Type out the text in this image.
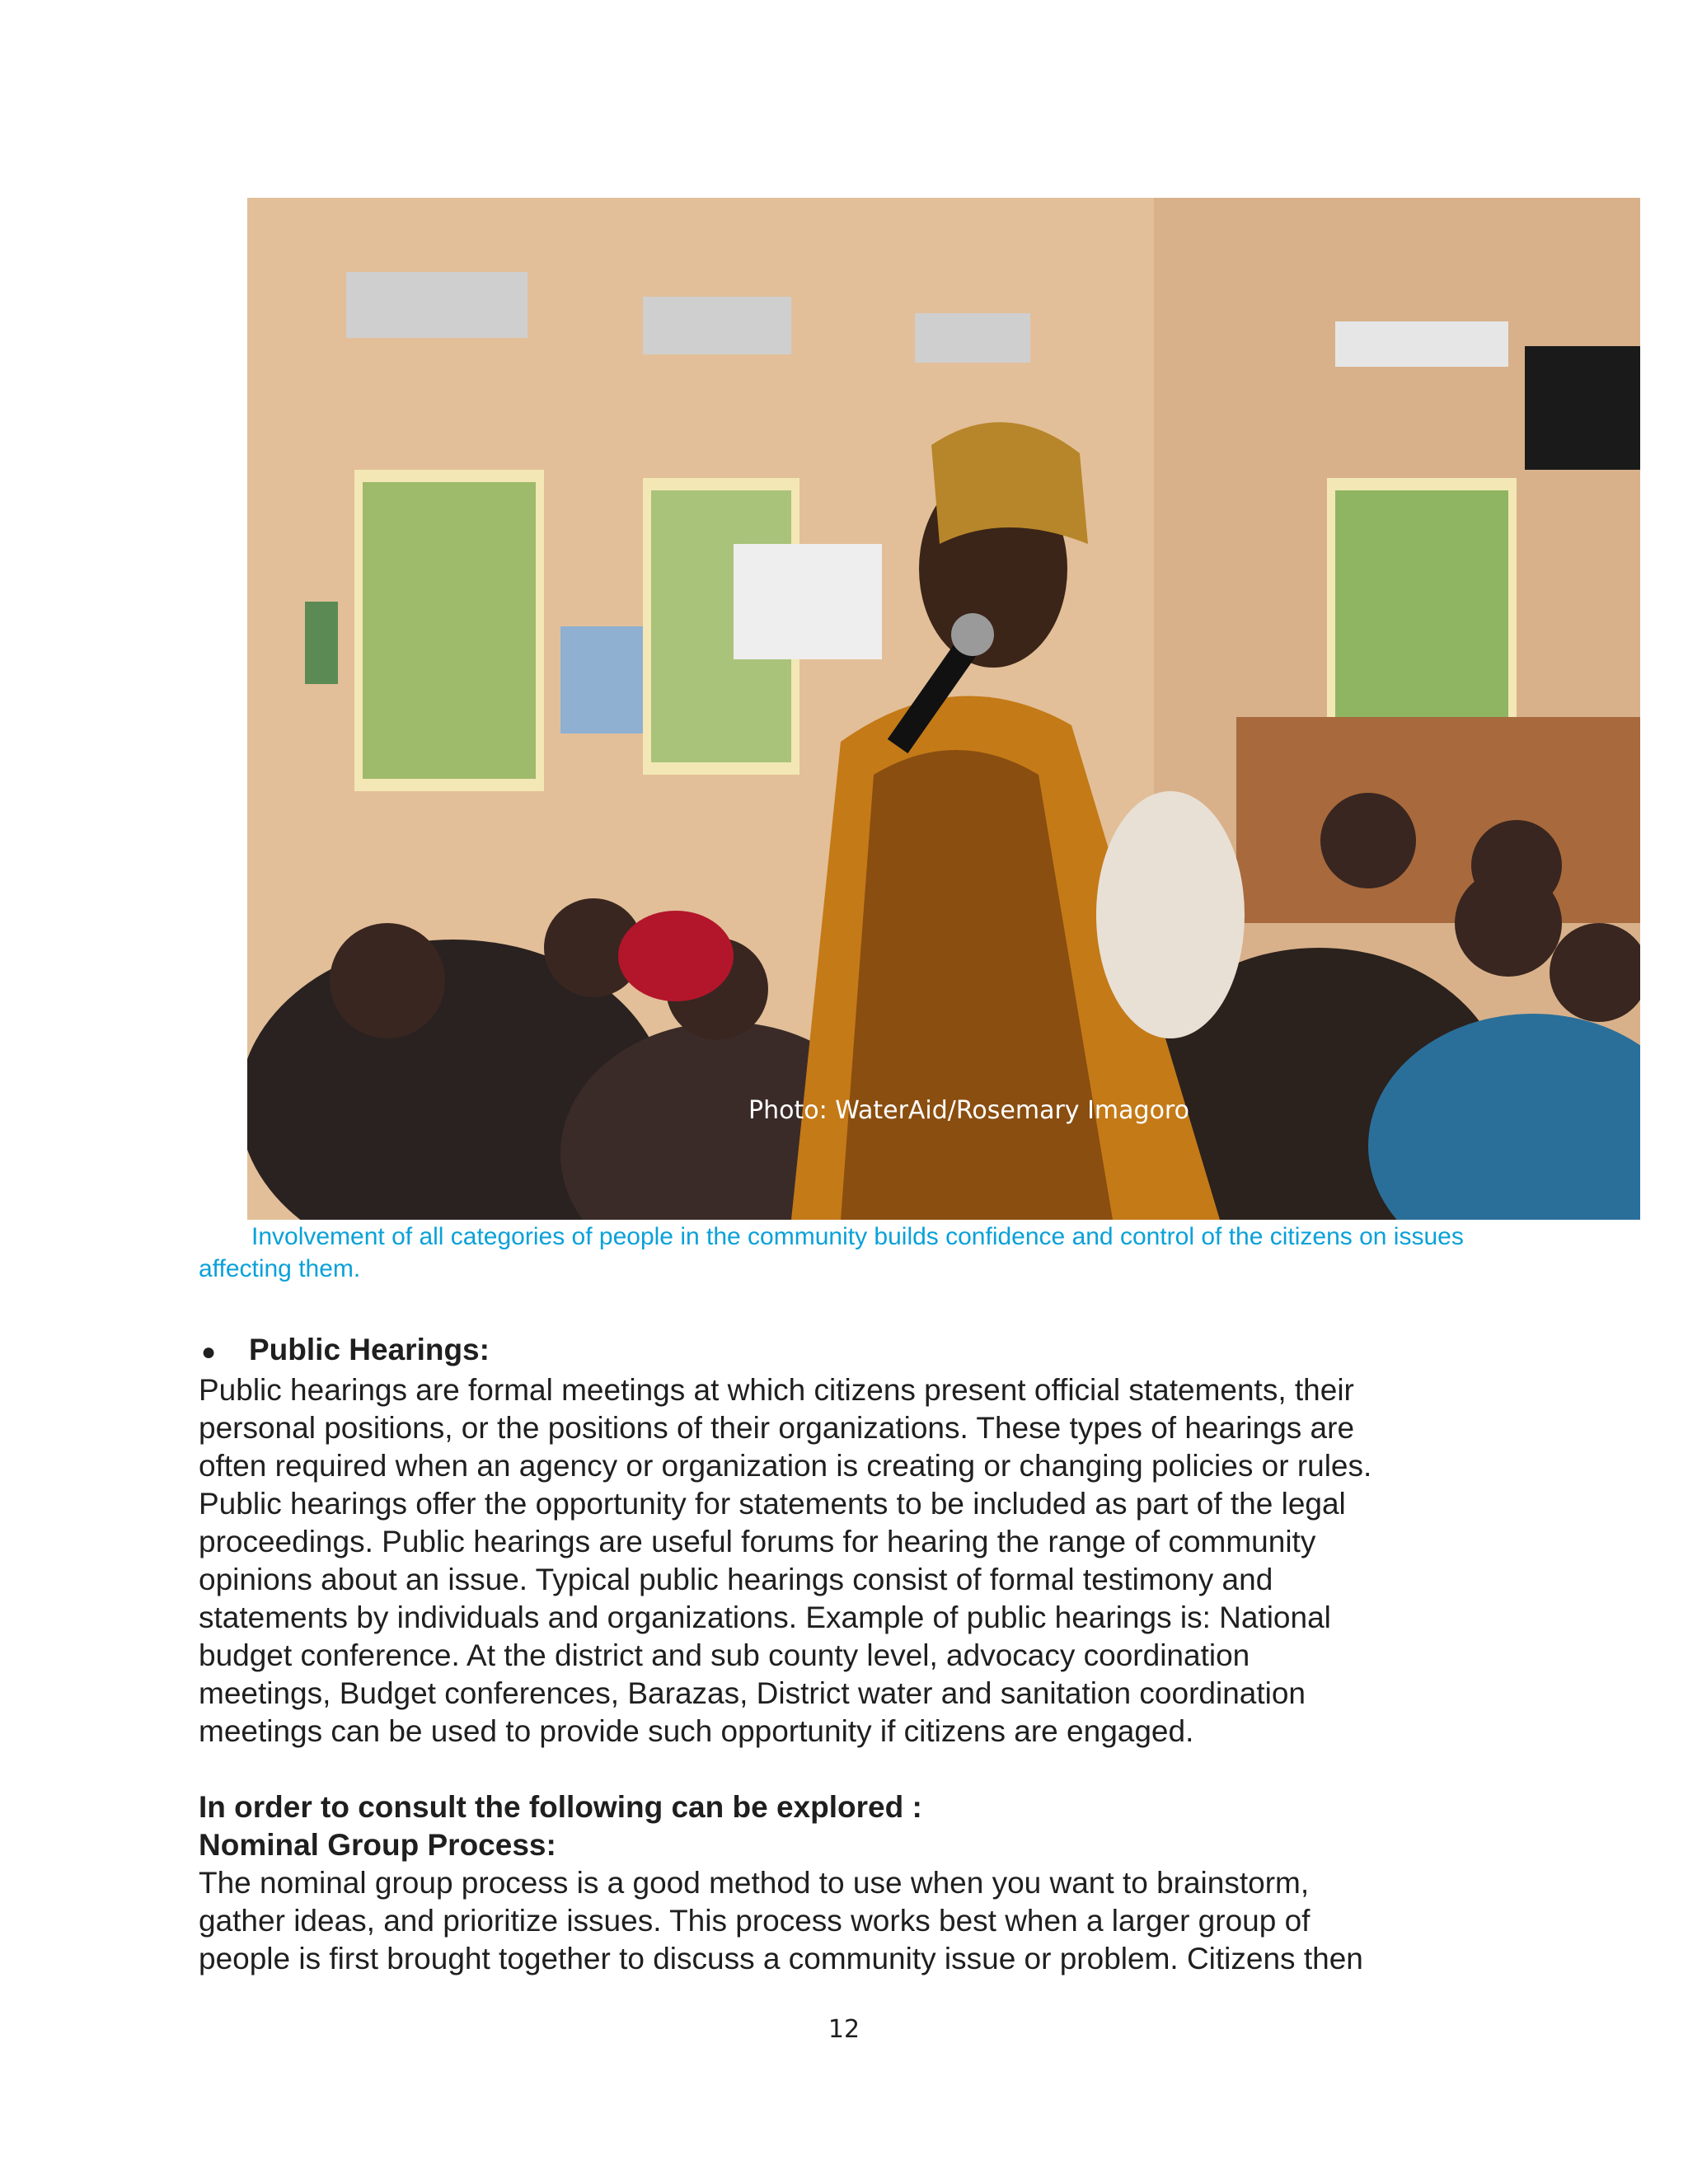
Photo: WaterAid/Rosemary Imagoro
Involvement of all categories of people in the community builds confidence and control of the citizens on issues affecting them.
●	Public Hearings:

Public hearings are formal meetings at which citizens present official statements, their

personal positions, or the positions of their organizations. These types of hearings are

often required when an agency or organization is creating or changing policies or rules.

Public hearings offer the opportunity for statements to be included as part of the legal

proceedings. Public hearings are useful forums for hearing the range of community

opinions about an issue. Typical public hearings consist of formal testimony and

statements by individuals and organizations. Example of public hearings is: National

budget conference. At the district and sub county level, advocacy coordination

meetings, Budget conferences, Barazas, District water and sanitation coordination

meetings can be used to provide such opportunity if citizens are engaged.

In order to consult the following can be explored :

Nominal Group Process:

The nominal group process is a good method to use when you want to brainstorm,

gather ideas, and prioritize issues. This process works best when a larger group of

people is first brought together to discuss a community issue or problem. Citizens then

12
